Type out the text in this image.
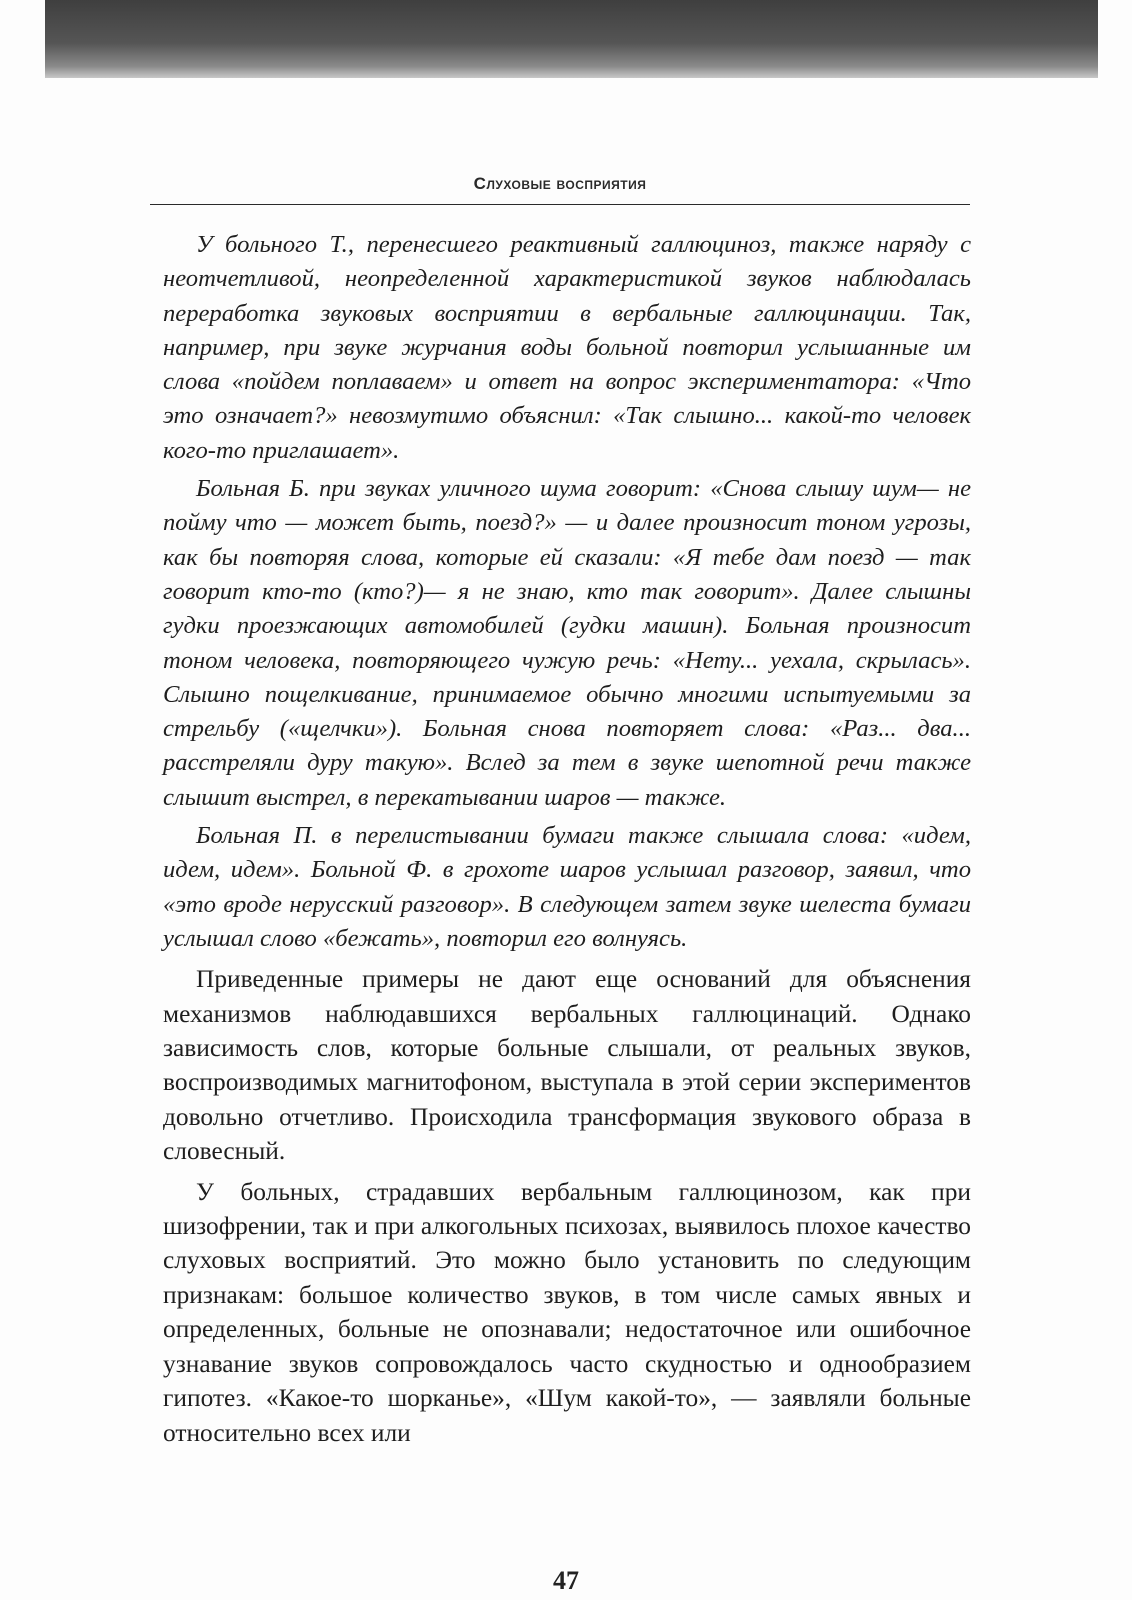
Слуховые восприятия

У больного Т., перенесшего реактивный галлюциноз, также наряду с неотчетливой, неопределенной характеристикой звуков наблюдалась переработка звуковых восприятии в вербальные галлюцинации. Так, например, при звуке журчания воды больной повторил услышанные им слова «пойдем поплаваем» и ответ на вопрос экспериментатора: «Что это означает?» невозмутимо объяснил: «Так слышно... какой-то человек кого-то приглашает».

Больная Б. при звуках уличного шума говорит: «Снова слышу шум— не пойму что — может быть, поезд?» — и далее произносит тоном угрозы, как бы повторяя слова, которые ей сказали: «Я тебе дам поезд — так говорит кто-то (кто?)— я не знаю, кто так говорит». Далее слышны гудки проезжающих автомобилей (гудки машин). Больная произносит тоном человека, повторяющего чужую речь: «Нету... уехала, скрылась». Слышно пощелкивание, принимаемое обычно многими испытуемыми за стрельбу («щелчки»). Больная снова повторяет слова: «Раз... два... расстреляли дуру такую». Вслед за тем в звуке шепотной речи также слышит выстрел, в перекатывании шаров — также.

Больная П. в перелистывании бумаги также слышала слова: «идем, идем, идем». Больной Ф. в грохоте шаров услышал разговор, заявил, что «это вроде нерусский разговор». В следующем затем звуке шелеста бумаги услышал слово «бежать», повторил его волнуясь.

Приведенные примеры не дают еще оснований для объяснения механизмов наблюдавшихся вербальных галлюцинаций. Однако зависимость слов, которые больные слышали, от реальных звуков, воспроизводимых магнитофоном, выступала в этой серии экспериментов довольно отчетливо. Происходила трансформация звукового образа в словесный.

У больных, страдавших вербальным галлюцинозом, как при шизофрении, так и при алкогольных психозах, выявилось плохое качество слуховых восприятий. Это можно было установить по следующим признакам: большое количество звуков, в том числе самых явных и определенных, больные не опознавали; недостаточное или ошибочное узнавание звуков сопровождалось часто скудностью и однообразием гипотез. «Какое-то шорканье», «Шум какой-то», — заявляли больные относительно всех или

47
